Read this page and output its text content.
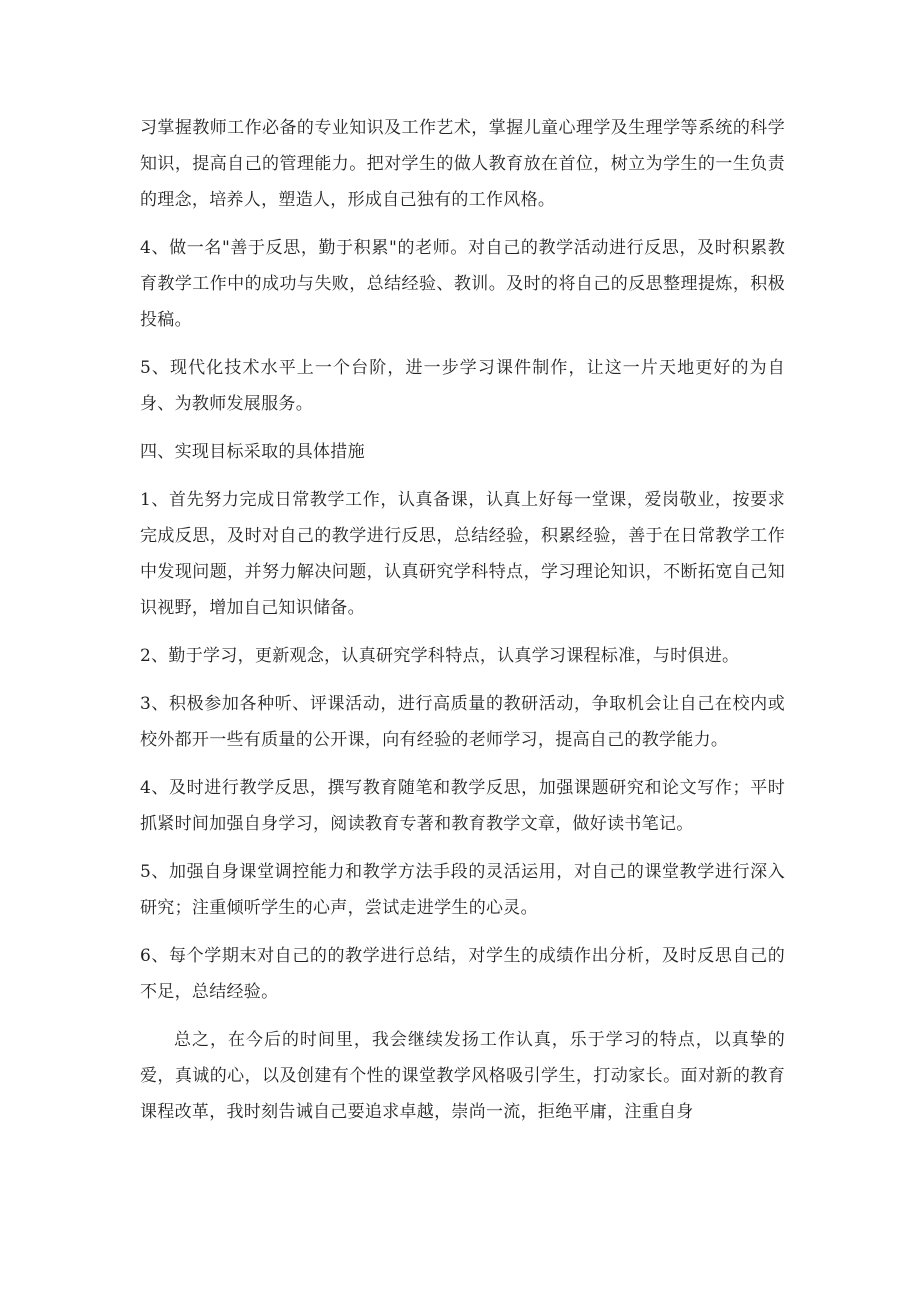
习掌握教师工作必备的专业知识及工作艺术，掌握儿童心理学及生理学等系统的科学知识，提高自己的管理能力。把对学生的做人教育放在首位，树立为学生的一生负责的理念，培养人，塑造人，形成自己独有的工作风格。

4、做一名"善于反思，勤于积累"的老师。对自己的教学活动进行反思，及时积累教育教学工作中的成功与失败，总结经验、教训。及时的将自己的反思整理提炼，积极投稿。

5、现代化技术水平上一个台阶，进一步学习课件制作，让这一片天地更好的为自身、为教师发展服务。

四、实现目标采取的具体措施

1、首先努力完成日常教学工作，认真备课，认真上好每一堂课，爱岗敬业，按要求完成反思，及时对自己的教学进行反思，总结经验，积累经验，善于在日常教学工作中发现问题，并努力解决问题，认真研究学科特点，学习理论知识，不断拓宽自己知识视野，增加自己知识储备。

2、勤于学习，更新观念，认真研究学科特点，认真学习课程标准，与时俱进。

3、积极参加各种听、评课活动，进行高质量的教研活动，争取机会让自己在校内或校外都开一些有质量的公开课，向有经验的老师学习，提高自己的教学能力。

4、及时进行教学反思，撰写教育随笔和教学反思，加强课题研究和论文写作；平时抓紧时间加强自身学习，阅读教育专著和教育教学文章，做好读书笔记。

5、加强自身课堂调控能力和教学方法手段的灵活运用，对自己的课堂教学进行深入研究；注重倾听学生的心声，尝试走进学生的心灵。

6、每个学期末对自己的的教学进行总结，对学生的成绩作出分析，及时反思自己的不足，总结经验。

总之，在今后的时间里，我会继续发扬工作认真，乐于学习的特点，以真挚的爱，真诚的心，以及创建有个性的课堂教学风格吸引学生，打动家长。面对新的教育课程改革，我时刻告诫自己要追求卓越，崇尚一流，拒绝平庸，注重自身
